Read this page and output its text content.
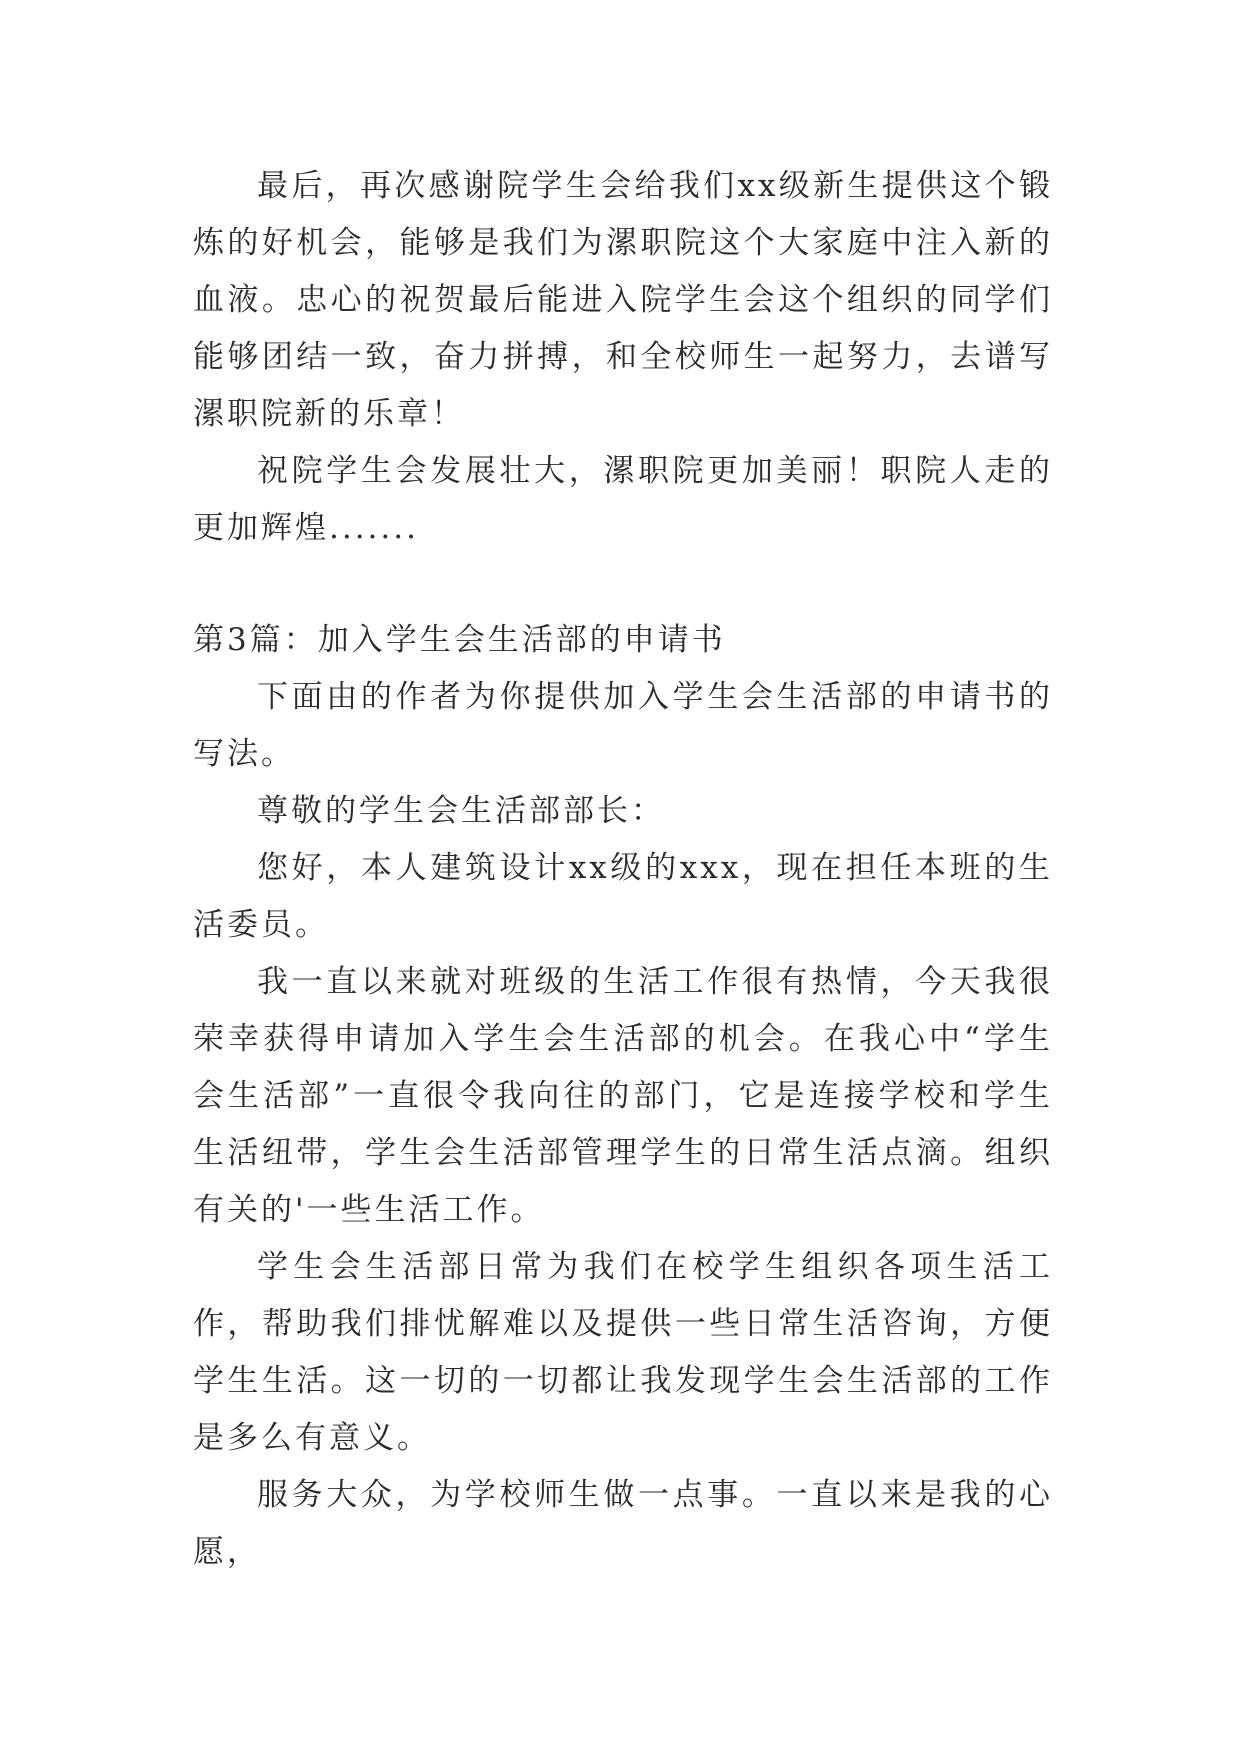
最后，再次感谢院学生会给我们xx级新生提供这个锻炼的好机会，能够是我们为漯职院这个大家庭中注入新的血液。忠心的祝贺最后能进入院学生会这个组织的同学们能够团结一致，奋力拼搏，和全校师生一起努力，去谱写漯职院新的乐章！

祝院学生会发展壮大，漯职院更加美丽！职院人走的更加辉煌.......

第3篇：加入学生会生活部的申请书

下面由的作者为你提供加入学生会生活部的申请书的写法。

尊敬的学生会生活部部长：

您好，本人建筑设计xx级的xxx，现在担任本班的生活委员。

我一直以来就对班级的生活工作很有热情，今天我很荣幸获得申请加入学生会生活部的机会。在我心中“学生会生活部”一直很令我向往的部门，它是连接学校和学生生活纽带，学生会生活部管理学生的日常生活点滴。组织有关的'一些生活工作。

学生会生活部日常为我们在校学生组织各项生活工作，帮助我们排忧解难以及提供一些日常生活咨询，方便学生生活。这一切的一切都让我发现学生会生活部的工作是多么有意义。

服务大众，为学校师生做一点事。一直以来是我的心愿，
